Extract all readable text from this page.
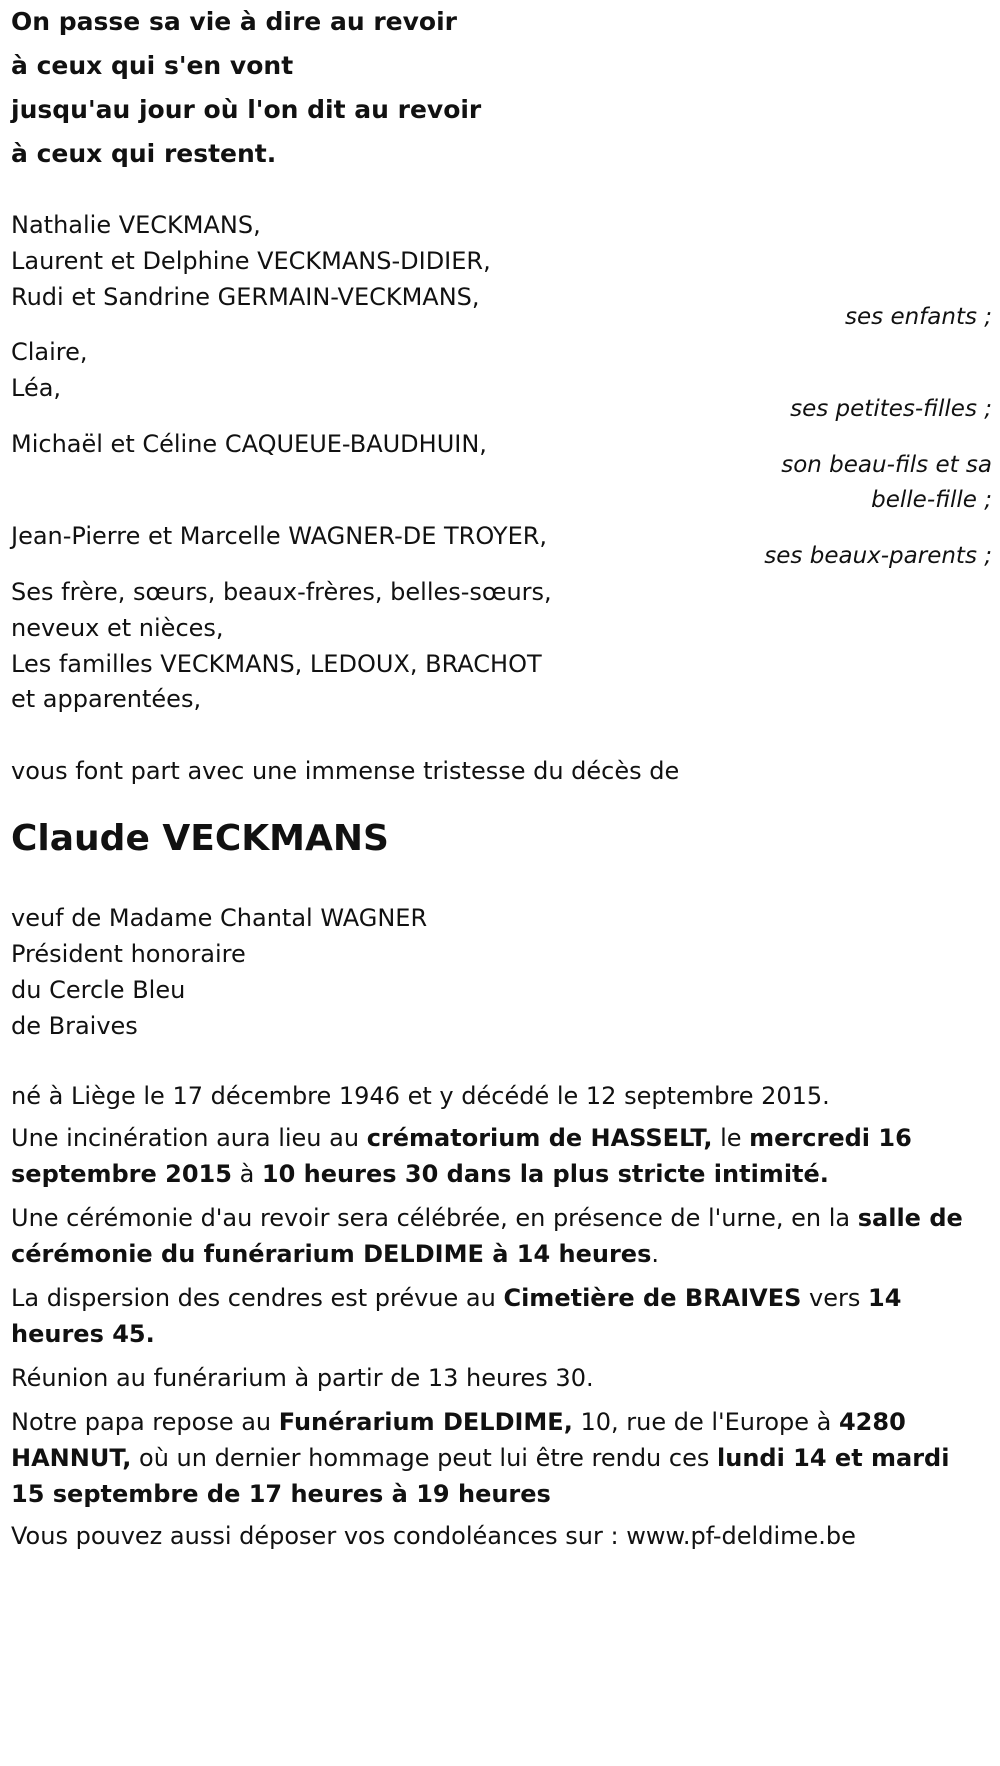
On passe sa vie à dire au revoir
à ceux qui s'en vont
jusqu'au jour où l'on dit au revoir
à ceux qui restent.
Nathalie VECKMANS,
Laurent et Delphine VECKMANS-DIDIER,
Rudi et Sandrine GERMAIN-VECKMANS,
ses enfants ;
Claire,
Léa,
ses petites-filles ;
Michaël et Céline CAQUEUE-BAUDHUIN,
son beau-fils et sa
belle-fille ;
Jean-Pierre et Marcelle WAGNER-DE TROYER,
ses beaux-parents ;
Ses frère, sœurs, beaux-frères, belles-sœurs,
neveux et nièces,
Les familles VECKMANS, LEDOUX, BRACHOT
et apparentées,
vous font part avec une immense tristesse du décès de
Claude VECKMANS
veuf de Madame Chantal WAGNER
Président honoraire
du Cercle Bleu
de Braives
né à Liège le 17 décembre 1946 et y décédé le 12 septembre 2015.
Une incinération aura lieu au crématorium de HASSELT, le mercredi 16 septembre 2015 à 10 heures 30 dans la plus stricte intimité.
Une cérémonie d'au revoir sera célébrée, en présence de l'urne, en la salle de cérémonie du funérarium DELDIME à 14 heures.
La dispersion des cendres est prévue au Cimetière de BRAIVES vers 14 heures 45.
Réunion au funérarium à partir de 13 heures 30.
Notre papa repose au Funérarium DELDIME, 10, rue de l'Europe à 4280 HANNUT, où un dernier hommage peut lui être rendu ces lundi 14 et mardi 15 septembre de 17 heures à 19 heures
Vous pouvez aussi déposer vos condoléances sur : www.pf-deldime.be
